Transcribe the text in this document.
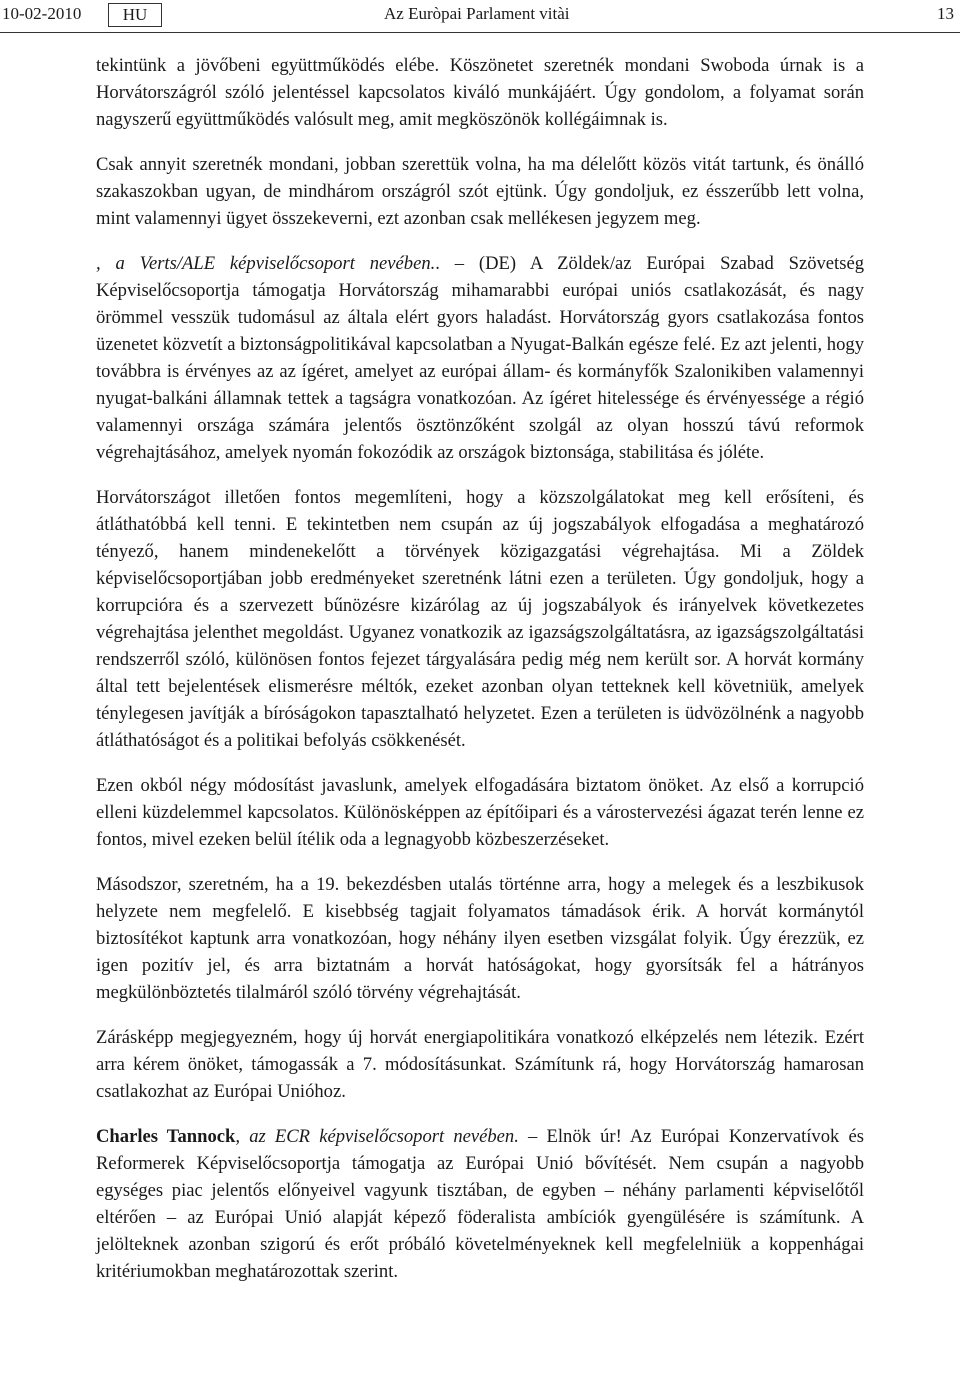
10-02-2010	HU	Az Euròpai Parlament vitài	13

tekintünk a jövőbeni együttműködés elébe. Köszönetet szeretnék mondani Swoboda úrnak is a Horvátországról szóló jelentéssel kapcsolatos kiváló munkájáért. Úgy gondolom, a folyamat során nagyszerű együttműködés valósult meg, amit megköszönök kollégáimnak is.

Csak annyit szeretnék mondani, jobban szerettük volna, ha ma délelőtt közös vitát tartunk, és önálló szakaszokban ugyan, de mindhárom országról szót ejtünk. Úgy gondoljuk, ez ésszerűbb lett volna, mint valamennyi ügyet összekeverni, ezt azonban csak mellékesen jegyzem meg.

, a Verts/ALE képviselőcsoport nevében.. – (DE) A Zöldek/az Európai Szabad Szövetség Képviselőcsoportja támogatja Horvátország mihamarabbi európai uniós csatlakozását, és nagy örömmel vesszük tudomásul az általa elért gyors haladást. Horvátország gyors csatlakozása fontos üzenetet közvetít a biztonságpolitikával kapcsolatban a Nyugat-Balkán egésze felé. Ez azt jelenti, hogy továbbra is érvényes az az ígéret, amelyet az európai állam- és kormányfők Szalonikiben valamennyi nyugat-balkáni államnak tettek a tagságra vonatkozóan. Az ígéret hitelessége és érvényessége a régió valamennyi országa számára jelentős ösztönzőként szolgál az olyan hosszú távú reformok végrehajtásához, amelyek nyomán fokozódik az országok biztonsága, stabilitása és jóléte.

Horvátországot illetően fontos megemlíteni, hogy a közszolgálatokat meg kell erősíteni, és átláthatóbbá kell tenni. E tekintetben nem csupán az új jogszabályok elfogadása a meghatározó tényező, hanem mindenekelőtt a törvények közigazgatási végrehajtása. Mi a Zöldek képviselőcsoportjában jobb eredményeket szeretnénk látni ezen a területen. Úgy gondoljuk, hogy a korrupcióra és a szervezett bűnözésre kizárólag az új jogszabályok és irányelvek következetes végrehajtása jelenthet megoldást. Ugyanez vonatkozik az igazságszolgáltatásra, az igazságszolgáltatási rendszerről szóló, különösen fontos fejezet tárgyalására pedig még nem került sor. A horvát kormány által tett bejelentések elismerésre méltók, ezeket azonban olyan tetteknek kell követniük, amelyek ténylegesen javítják a bíróságokon tapasztalható helyzetet. Ezen a területen is üdvözölnénk a nagyobb átláthatóságot és a politikai befolyás csökkenését.

Ezen okból négy módosítást javaslunk, amelyek elfogadására biztatom önöket. Az első a korrupció elleni küzdelemmel kapcsolatos. Különösképpen az építőipari és a várostervezési ágazat terén lenne ez fontos, mivel ezeken belül ítélik oda a legnagyobb közbeszerzéseket.

Másodszor, szeretném, ha a 19. bekezdésben utalás történne arra, hogy a melegek és a leszbikusok helyzete nem megfelelő. E kisebbség tagjait folyamatos támadások érik. A horvát kormánytól biztosítékot kaptunk arra vonatkozóan, hogy néhány ilyen esetben vizsgálat folyik. Úgy érezzük, ez igen pozitív jel, és arra biztatnám a horvát hatóságokat, hogy gyorsítsák fel a hátrányos megkülönböztetés tilalmáról szóló törvény végrehajtását.

Zárásképp megjegyezném, hogy új horvát energiapolitikára vonatkozó elképzelés nem létezik. Ezért arra kérem önöket, támogassák a 7. módosításunkat. Számítunk rá, hogy Horvátország hamarosan csatlakozhat az Európai Unióhoz.

Charles Tannock, az ECR képviselőcsoport nevében. – Elnök úr! Az Európai Konzervatívok és Reformerek Képviselőcsoportja támogatja az Európai Unió bővítését. Nem csupán a nagyobb egységes piac jelentős előnyeivel vagyunk tisztában, de egyben – néhány parlamenti képviselőtől eltérően – az Európai Unió alapját képező föderalista ambíciók gyengülésére is számítunk. A jelölteknek azonban szigorú és erőt próbáló követelményeknek kell megfelelniük a koppenhágai kritériumokban meghatározottak szerint.
